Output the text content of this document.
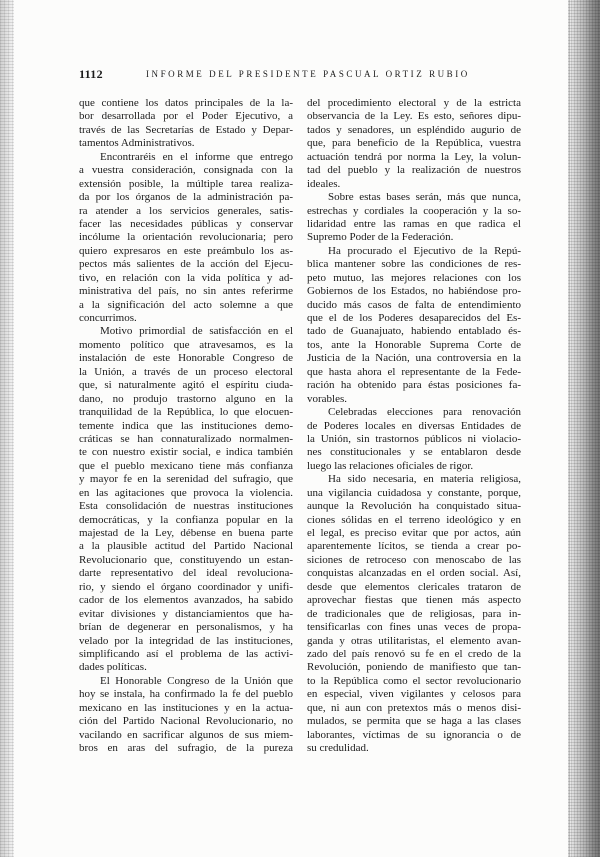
1112	INFORME DEL PRESIDENTE PASCUAL ORTIZ RUBIO
que contiene los datos principales de la la-
bor desarrollada por el Poder Ejecutivo, a
través de las Secretarías de Estado y Depar-
tamentos Administrativos.
Encontraréis en el informe que entrego
a vuestra consideración, consignada con la
extensión posible, la múltiple tarea realiza-
da por los órganos de la administración pa-
ra atender a los servicios generales, satis-
facer las necesidades públicas y conservar
incólume la orientación revolucionaria; pero
quiero expresaros en este preámbulo los as-
pectos más salientes de la acción del Ejecu-
tivo, en relación con la vida política y ad-
ministrativa del país, no sin antes referirme
a la significación del acto solemne a que
concurrimos.
Motivo primordial de satisfacción en el
momento político que atravesamos, es la
instalación de este Honorable Congreso de
la Unión, a través de un proceso electoral
que, si naturalmente agitó el espíritu ciuda-
dano, no produjo trastorno alguno en la
tranquilidad de la República, lo que elocuen-
temente indica que las instituciones demo-
cráticas se han connaturalizado normalmen-
te con nuestro existir social, e indica también
que el pueblo mexicano tiene más confianza
y mayor fe en la serenidad del sufragio, que
en las agitaciones que provoca la violencia.
Esta consolidación de nuestras instituciones
democráticas, y la confianza popular en la
majestad de la Ley, débense en buena parte
a la plausible actitud del Partido Nacional
Revolucionario que, constituyendo un estan-
darte representativo del ideal revoluciona-
rio, y siendo el órgano coordinador y unifi-
cador de los elementos avanzados, ha sabido
evitar divisiones y distanciamientos que ha-
brían de degenerar en personalismos, y ha
velado por la integridad de las instituciones,
simplificando así el problema de las activi-
dades políticas.
El Honorable Congreso de la Unión que
hoy se instala, ha confirmado la fe del pueblo
mexicano en las instituciones y en la actua-
ción del Partido Nacional Revolucionario, no
vacilando en sacrificar algunos de sus miem-
bros en aras del sufragio, de la pureza
del procedimiento electoral y de la estricta
observancia de la Ley. Es esto, señores dipu-
tados y senadores, un espléndido augurio de
que, para beneficio de la República, vuestra
actuación tendrá por norma la Ley, la volun-
tad del pueblo y la realización de nuestros
ideales.
Sobre estas bases serán, más que nunca,
estrechas y cordiales la cooperación y la so-
lidaridad entre las ramas en que radica el
Supremo Poder de la Federación.
Ha procurado el Ejecutivo de la Repú-
blica mantener sobre las condiciones de res-
peto mutuo, las mejores relaciones con los
Gobiernos de los Estados, no habiéndose pro-
ducido más casos de falta de entendimiento
que el de los Poderes desaparecidos del Es-
tado de Guanajuato, habiendo entablado és-
tos, ante la Honorable Suprema Corte de
Justicia de la Nación, una controversia en la
que hasta ahora el representante de la Fede-
ración ha obtenido para éstas posiciones fa-
vorables.
Celebradas elecciones para renovación
de Poderes locales en diversas Entidades de
la Unión, sin trastornos públicos ni violacio-
nes constitucionales y se entablaron desde
luego las relaciones oficiales de rigor.
Ha sido necesaria, en materia religiosa,
una vigilancia cuidadosa y constante, porque,
aunque la Revolución ha conquistado situa-
ciones sólidas en el terreno ideológico y en
el legal, es preciso evitar que por actos, aún
aparentemente lícitos, se tienda a crear po-
siciones de retroceso con menoscabo de las
conquistas alcanzadas en el orden social. Así,
desde que elementos clericales trataron de
aprovechar fiestas que tienen más aspecto
de tradicionales que de religiosas, para in-
tensificarlas con fines unas veces de propa-
ganda y otras utilitaristas, el elemento avan-
zado del país renovó su fe en el credo de la
Revolución, poniendo de manifiesto que tan-
to la República como el sector revolucionario
en especial, viven vigilantes y celosos para
que, ni aun con pretextos más o menos disi-
mulados, se permita que se haga a las clases
laborantes, víctimas de su ignorancia o de
su credulidad.
